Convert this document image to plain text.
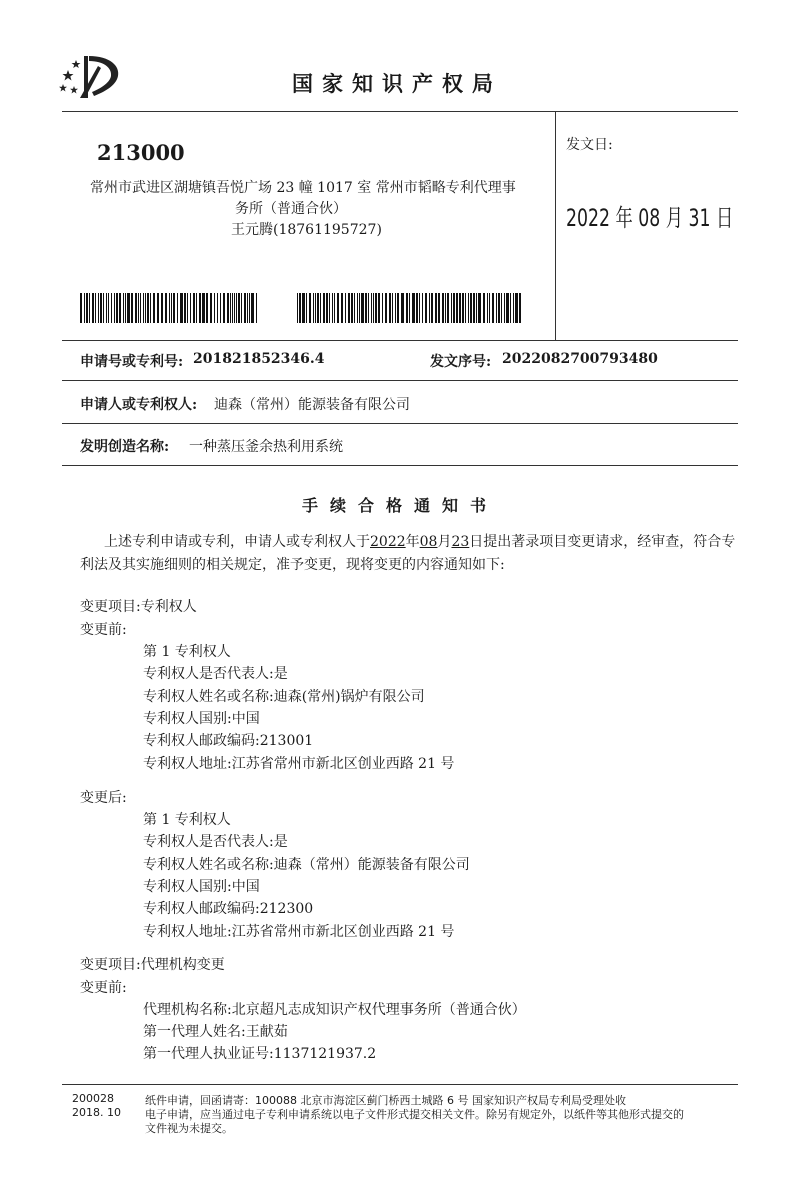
国家知识产权局
213000
常州市武进区湖塘镇吾悦广场 23 幢 1017 室 常州市韬略专利代理事
务所（普通合伙）
王元腾(18761195727)
发文日:
2022 年 08 月 31 日
申请号或专利号: 201821852346.4	发文序号: 2022082700793480
申请人或专利权人: 迪森（常州）能源装备有限公司
发明创造名称: 一种蒸压釜余热利用系统
手续合格通知书
上述专利申请或专利，申请人或专利权人于2022年08月23日提出著录项目变更请求，经审查，符合专
利法及其实施细则的相关规定，准予变更，现将变更的内容通知如下:
变更项目:专利权人
变更前:
第 1 专利权人
专利权人是否代表人:是
专利权人姓名或名称:迪森(常州)锅炉有限公司
专利权人国别:中国
专利权人邮政编码:213001
专利权人地址:江苏省常州市新北区创业西路 21 号
变更后:
第 1 专利权人
专利权人是否代表人:是
专利权人姓名或名称:迪森（常州）能源装备有限公司
专利权人国别:中国
专利权人邮政编码:212300
专利权人地址:江苏省常州市新北区创业西路 21 号
变更项目:代理机构变更
变更前:
代理机构名称:北京超凡志成知识产权代理事务所（普通合伙）
第一代理人姓名:王献茹
第一代理人执业证号:1137121937.2
200028
2018. 10
纸件申请，回函请寄：100088 北京市海淀区蓟门桥西土城路 6 号 国家知识产权局专利局受理处收
电子申请，应当通过电子专利申请系统以电子文件形式提交相关文件。除另有规定外，以纸件等其他形式提交的
文件视为未提交。
